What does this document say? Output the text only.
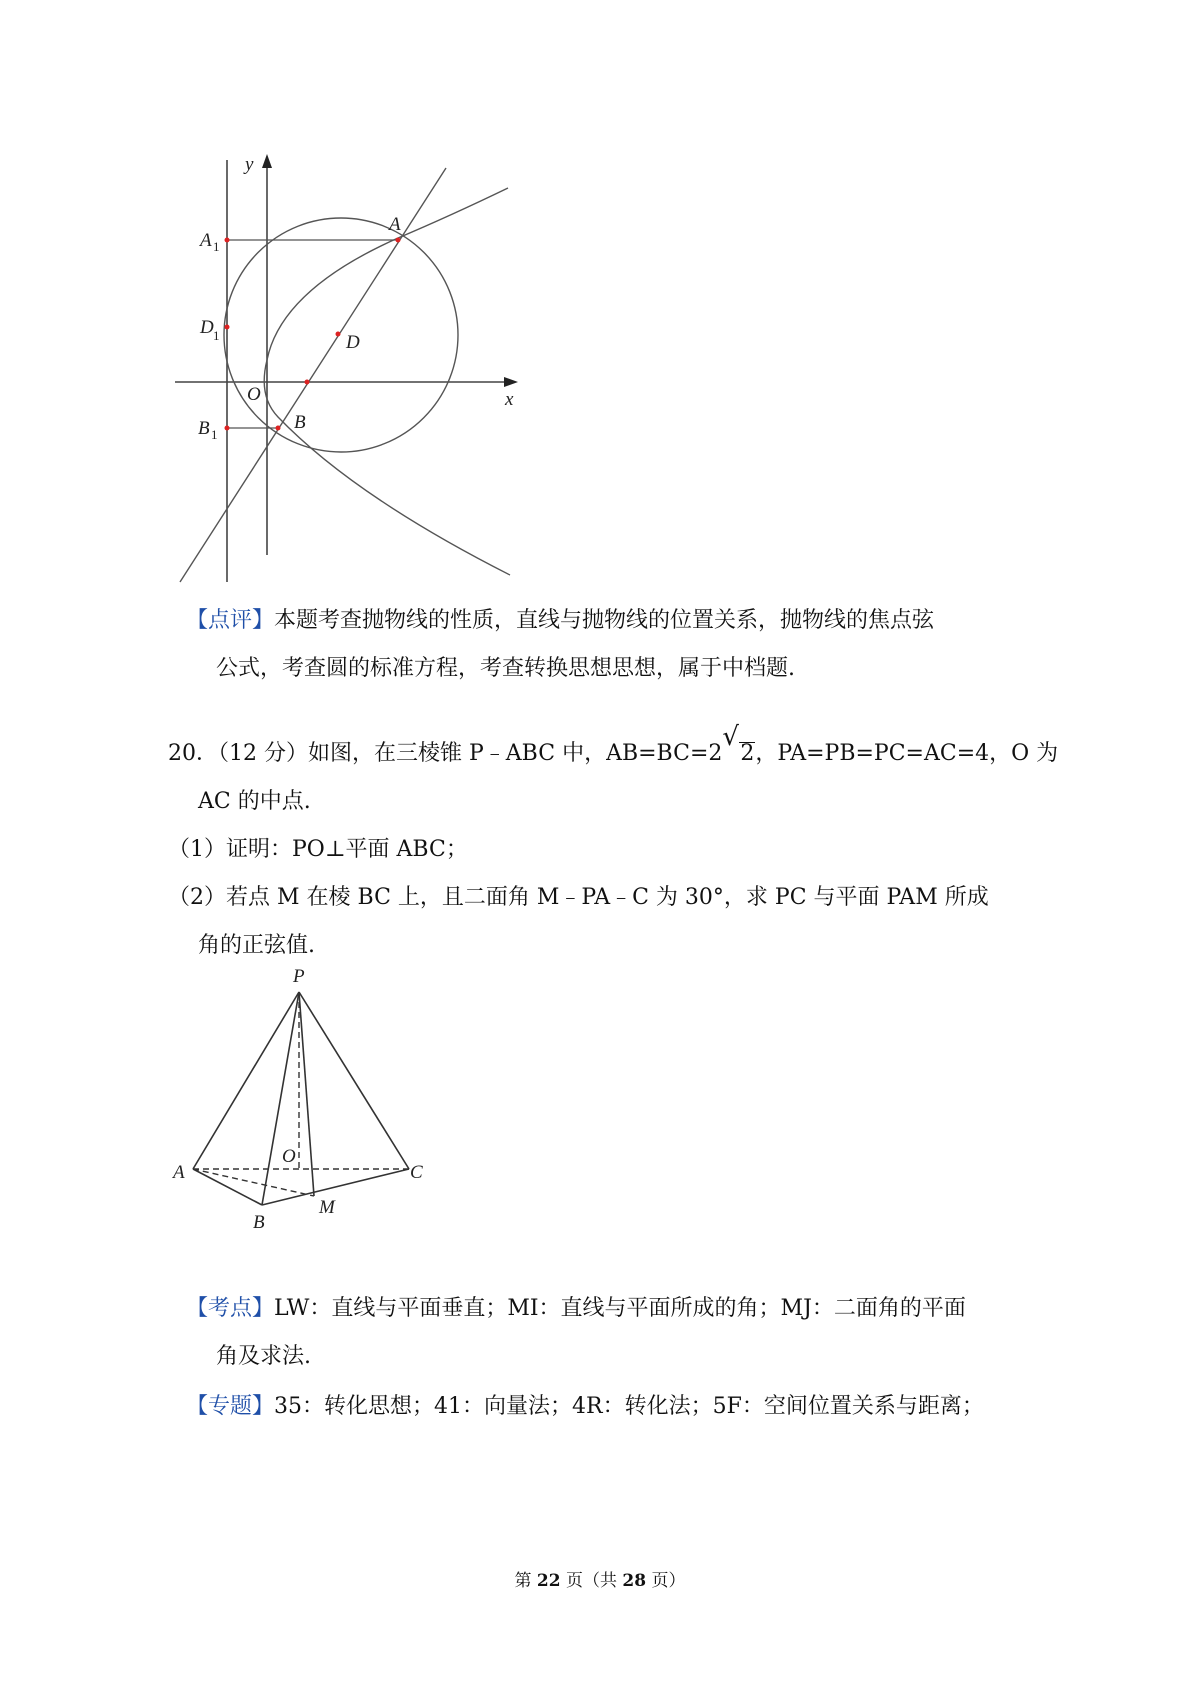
y
x
O
A
A 1
D
D 1
B
B 1
【点评】本题考查抛物线的性质，直线与抛物线的位置关系，抛物线的焦点弦
公式，考查圆的标准方程，考查转换思想思想，属于中档题.
20．（12 分）如图，在三棱锥 P﹣ABC 中，AB=BC=2
√
2，PA=PB=PC=AC=4，O 为
AC 的中点.
（1）证明：PO⊥平面 ABC；
（2）若点 M 在棱 BC 上，且二面角 M﹣PA﹣C 为 30°，求 PC 与平面 PAM 所成
角的正弦值.
P
A	C
B
O
M
【考点】LW：直线与平面垂直；MI：直线与平面所成的角；MJ：二面角的平面
角及求法.
【专题】35：转化思想；41：向量法；4R：转化法；5F：空间位置关系与距离；
第 22 页（共 28 页）
